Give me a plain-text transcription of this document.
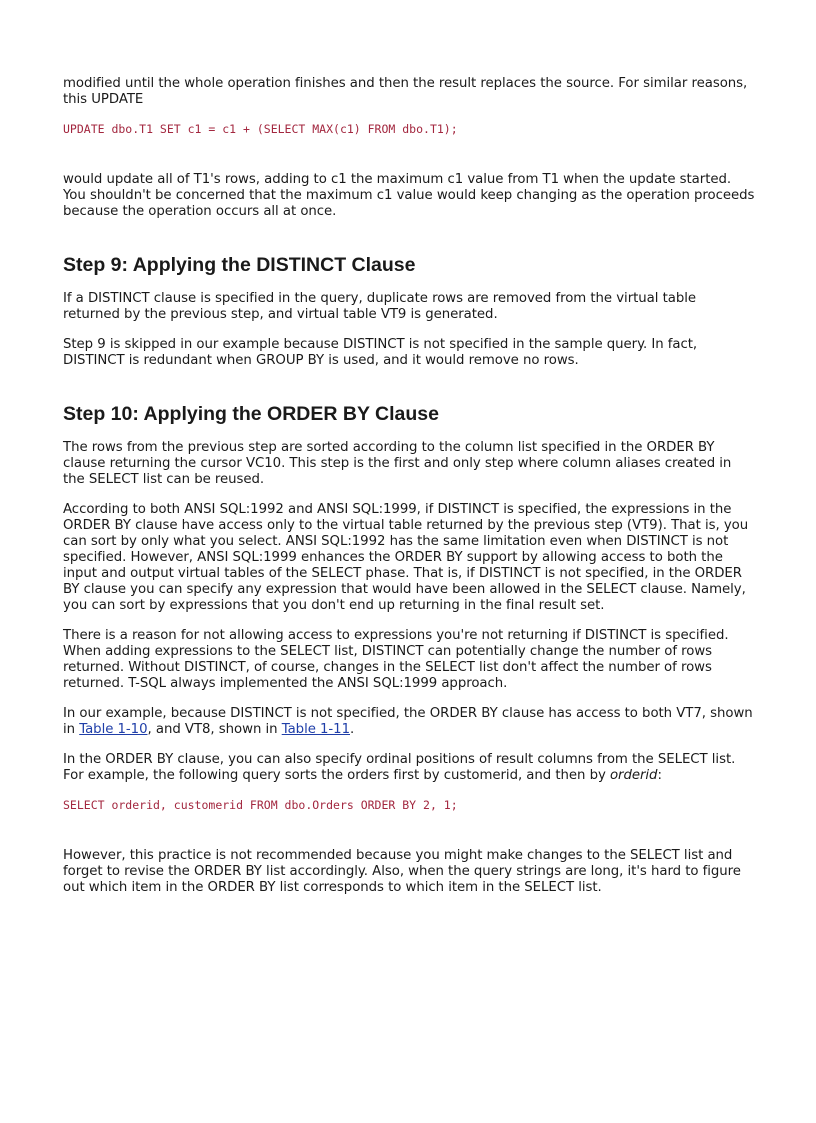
modified until the whole operation finishes and then the result replaces the source. For similar reasons, this UPDATE

UPDATE dbo.T1 SET c1 = c1 + (SELECT MAX(c1) FROM dbo.T1);

would update all of T1's rows, adding to c1 the maximum c1 value from T1 when the update started. You shouldn't be concerned that the maximum c1 value would keep changing as the operation proceeds because the operation occurs all at once.

Step 9: Applying the DISTINCT Clause

If a DISTINCT clause is specified in the query, duplicate rows are removed from the virtual table returned by the previous step, and virtual table VT9 is generated.

Step 9 is skipped in our example because DISTINCT is not specified in the sample query. In fact, DISTINCT is redundant when GROUP BY is used, and it would remove no rows.

Step 10: Applying the ORDER BY Clause

The rows from the previous step are sorted according to the column list specified in the ORDER BY clause returning the cursor VC10. This step is the first and only step where column aliases created in the SELECT list can be reused.

According to both ANSI SQL:1992 and ANSI SQL:1999, if DISTINCT is specified, the expressions in the ORDER BY clause have access only to the virtual table returned by the previous step (VT9). That is, you can sort by only what you select. ANSI SQL:1992 has the same limitation even when DISTINCT is not specified. However, ANSI SQL:1999 enhances the ORDER BY support by allowing access to both the input and output virtual tables of the SELECT phase. That is, if DISTINCT is not specified, in the ORDER BY clause you can specify any expression that would have been allowed in the SELECT clause. Namely, you can sort by expressions that you don't end up returning in the final result set.

There is a reason for not allowing access to expressions you're not returning if DISTINCT is specified. When adding expressions to the SELECT list, DISTINCT can potentially change the number of rows returned. Without DISTINCT, of course, changes in the SELECT list don't affect the number of rows returned. T-SQL always implemented the ANSI SQL:1999 approach.

In our example, because DISTINCT is not specified, the ORDER BY clause has access to both VT7, shown in Table 1-10, and VT8, shown in Table 1-11.

In the ORDER BY clause, you can also specify ordinal positions of result columns from the SELECT list. For example, the following query sorts the orders first by customerid, and then by orderid:

SELECT orderid, customerid FROM dbo.Orders ORDER BY 2, 1;

However, this practice is not recommended because you might make changes to the SELECT list and forget to revise the ORDER BY list accordingly. Also, when the query strings are long, it's hard to figure out which item in the ORDER BY list corresponds to which item in the SELECT list.
